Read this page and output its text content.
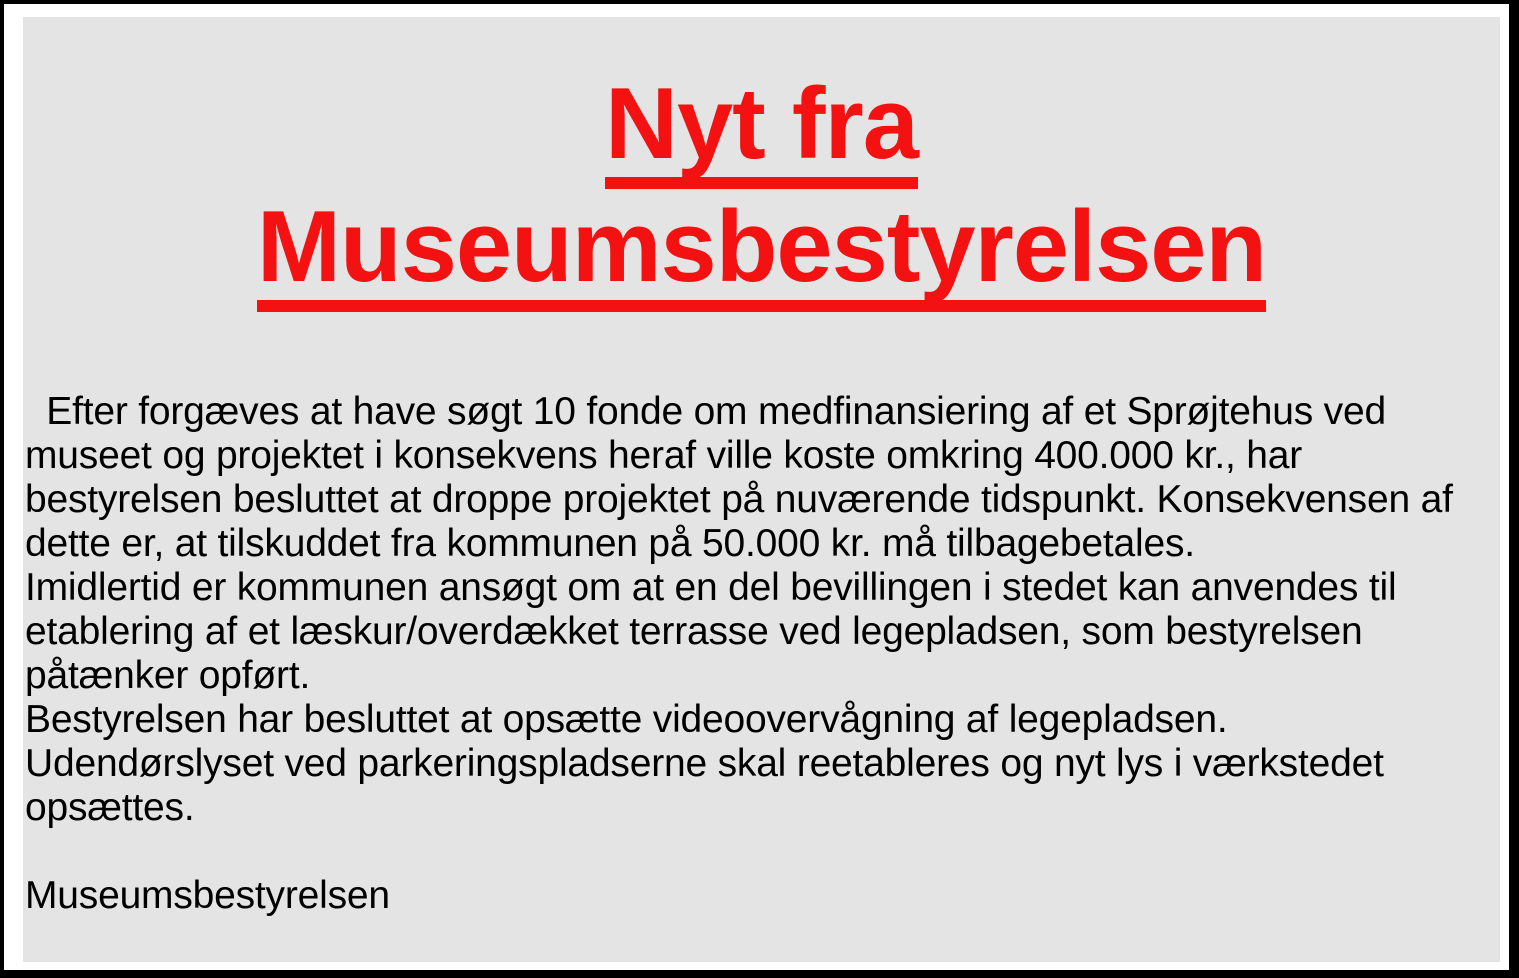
Nyt fra
Museumsbestyrelsen
Efter forgæves at have søgt 10 fonde om medfinansiering af et Sprøjtehus ved
museet og projektet i konsekvens heraf ville koste omkring 400.000 kr., har
bestyrelsen besluttet at droppe projektet på nuværende tidspunkt. Konsekvensen af
dette er, at tilskuddet fra kommunen på 50.000 kr. må tilbagebetales.
Imidlertid er kommunen ansøgt om at en del bevillingen i stedet kan anvendes til
etablering af et læskur/overdækket terrasse ved legepladsen, som bestyrelsen
påtænker opført.
Bestyrelsen har besluttet at opsætte videoovervågning af legepladsen.
Udendørslyset ved parkeringspladserne skal reetableres og nyt lys i værkstedet
opsættes.
Museumsbestyrelsen
